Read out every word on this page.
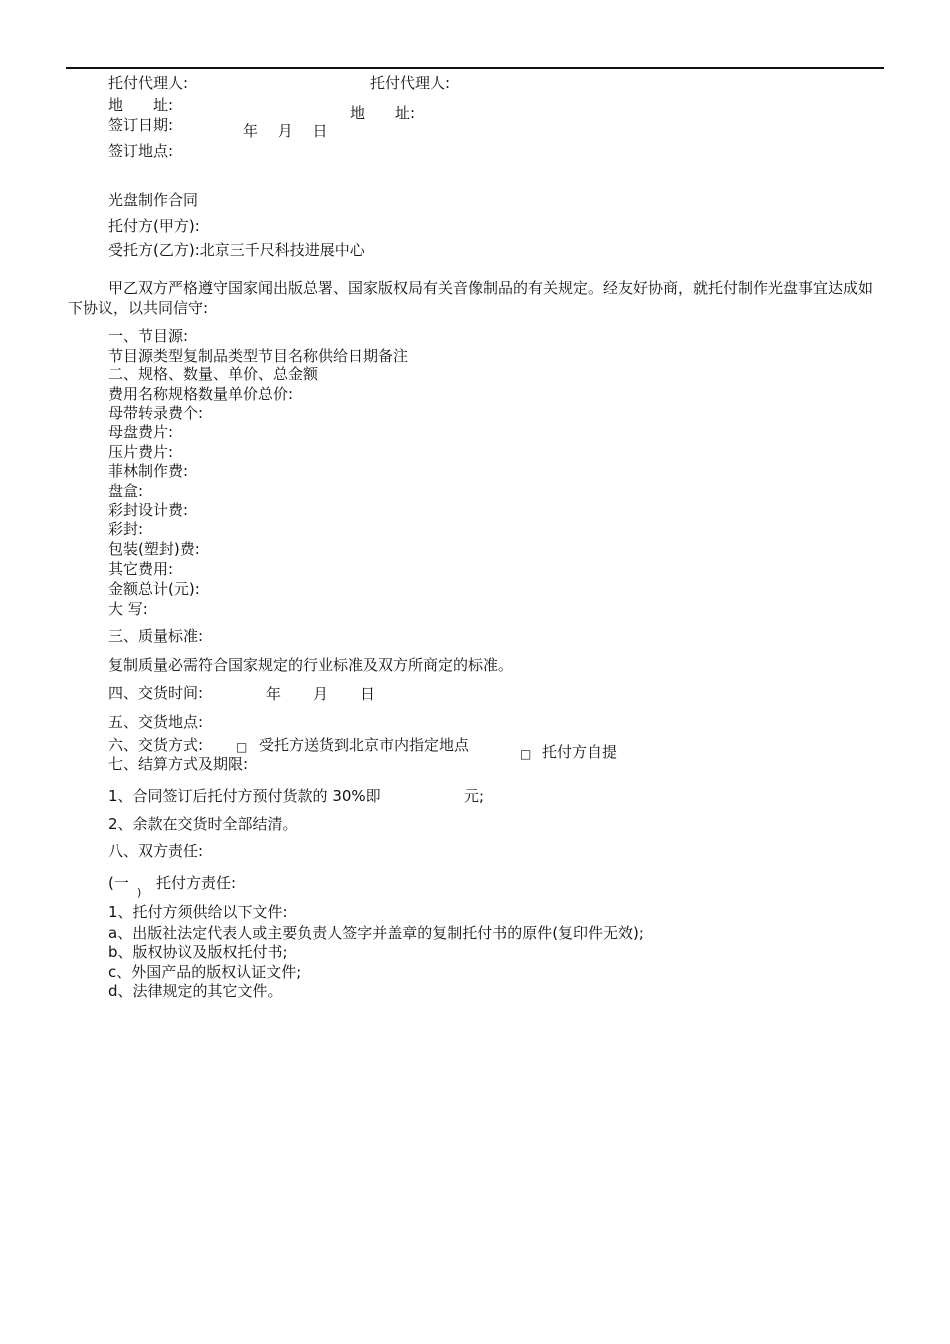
托付代理人:	托付代理人:
地　　址:	地　　址:
签订日期:	年　 月　 日
签订地点:
光盘制作合同
托付方(甲方):
受托方(乙方):北京三千尺科技进展中心
甲乙双方严格遵守国家闻出版总署、国家版权局有关音像制品的有关规定。经友好协商，就托付制作光盘事宜达成如下协议，以共同信守:
一、节目源:
节目源类型复制品类型节目名称供给日期备注
二、规格、数量、单价、总金额
费用名称规格数量单价总价:
母带转录费个:
母盘费片:
压片费片:
菲林制作费:
盘盒:
彩封设计费:
彩封:
包装(塑封)费:
其它费用:
金额总计(元):
大 写:
三、质量标准:
复制质量必需符合国家规定的行业标准及双方所商定的标准。
四、交货时间:	年 月 日
五、交货地点:
六、交货方式:	□ 受托方送货到北京市内指定地点	□ 托付方自提
七、结算方式及期限:
1、合同签订后托付方预付货款的 30%即	元;
2、余款在交货时全部结清。
八、双方责任:
(一
)
托付方责任:
1、托付方须供给以下文件:
a、出版社法定代表人或主要负责人签字并盖章的复制托付书的原件(复印件无效);
b、版权协议及版权托付书;
c、外国产品的版权认证文件;
d、法律规定的其它文件。
